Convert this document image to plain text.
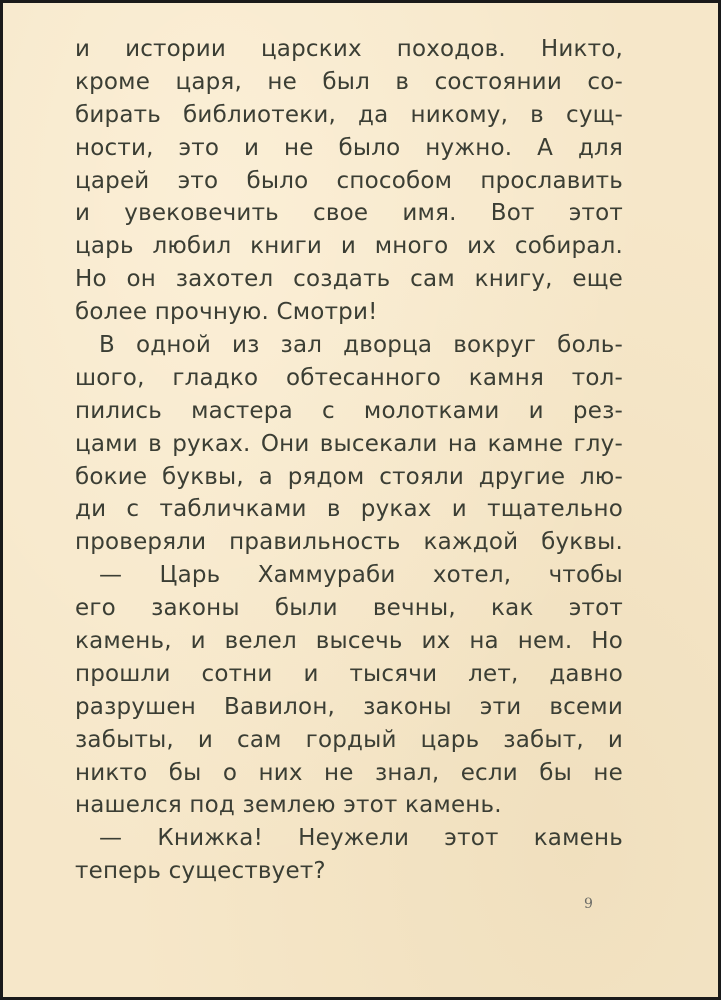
и истории царских походов. Никто,
кроме царя, не был в состоянии со-
бирать библиотеки, да никому, в сущ-
ности, это и не было нужно. А для
царей это было способом прославить
и увековечить свое имя. Вот этот
царь любил книги и много их собирал.
Но он захотел создать сам книгу, еще
более прочную. Смотри!
В одной из зал дворца вокруг боль-
шого, гладко обтесанного камня тол-
пились мастера с молотками и рез-
цами в руках. Они высекали на камне глу-
бокие буквы, а рядом стояли другие лю-
ди с табличками в руках и тщательно
проверяли правильность каждой буквы.
— Царь Хаммураби хотел, чтобы
его законы были вечны, как этот
камень, и велел высечь их на нем. Но
прошли сотни и тысячи лет, давно
разрушен Вавилон, законы эти всеми
забыты, и сам гордый царь забыт, и
никто бы о них не знал, если бы не
нашелся под землею этот камень.
— Книжка! Неужели этот камень
теперь существует?
9
